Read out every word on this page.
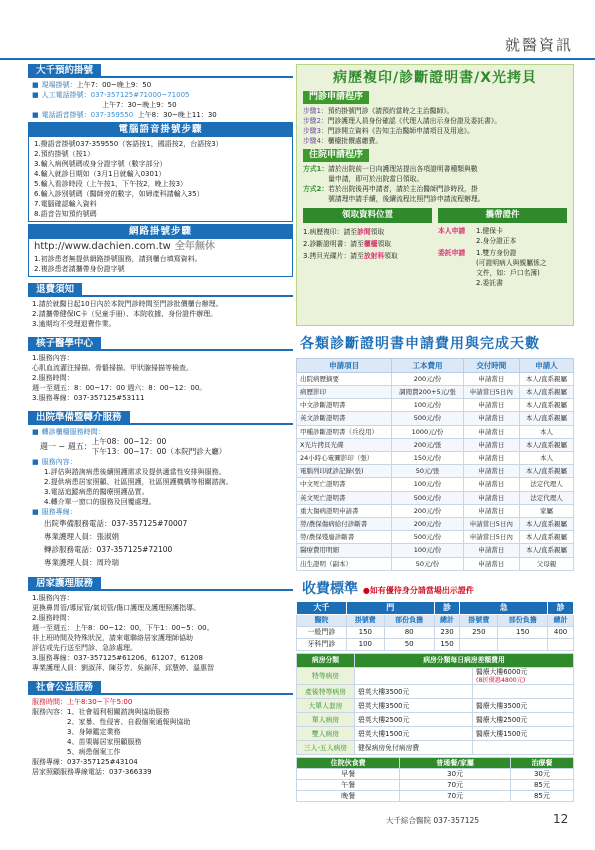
就醫資訊
大千預約掛號
■ 現場掛號：上午7：00~晚上9：50
■ 人工電話掛號：037-357125#71000~71005
上午7：30~晚上9：50
■ 電話語音掛號：037-359550 上午8：30~晚上11：30
電腦語音掛號步驟
1.撥語音掛號037-359550（客語按1，國語按2，台語按3）
2.預約掛號（按1）
3.輸入病例號碼或身分證字號（數字部分）
4.輸入就診日期如（3月1日就輸入0301）
5.輸入看診時段（上午按1，下午按2，晚上按3）
6.輸入診別號碼（醫師旁的數字，如婦產科請輸入35）
7.電腦確認輸入資料
8.語音告知預約號碼
網路掛號步驟
http://www.dachien.com.tw 全年無休
1.初診患者無提供網路掛號服務，請到櫃台填寫資料。
2.複診患者請攜帶身份證字號
退費須知
1.請於就醫日起10日內於本院門診時間至門診批價櫃台辦理。
2.請攜帶健保IC卡（兒童手冊）、本院收據、身份證件辦理。
3.逾期均不受理退費作業。
核子醫學中心
1.服務內容：
心肌血流灌注掃描、骨骼掃描、甲狀腺掃描等檢查。
2.服務時間：
週一至週五：8：00~17：00 週六：8：00~12：00。
3.服務專線：037-357125#53111
出院準備暨轉介服務
■ 轉診櫃檯服務時間：
週一 ~ 週五：
上午08：00~12：00
下午13：00~17：00（本院門診大廳）
■ 服務內容：
1.評估與諮詢病患後續照護需求及提供適當性安排與服務。
2.提供病患居家照顧、社區照護，社區照護機構等相關諮詢。
3.電話追蹤病患的醫療照護品質。
4.轉介單一窗口的服務及回覆處理。
■ 服務專線：
出院準備服務電話：037-357125#70007
專業護理人員：張淑娟
轉診服務電話：037-357125#72100
專業護理人員：周玲瑞
居家護理服務
1.服務內容：
更換鼻胃管/導尿管/氣切管/傷口護理及護理照護指導。
2.服務時間：
週一至週五：上午8：00~12：00，下午1：00~5：00。
非上班時間及特殊狀況，請來電聯絡居家護理師協助
評估或先行送至門診、急診處理。
3.服務專線：037-357125#61206、61207、61208
專業護理人員：劉淑萍、陳芬芳、吳錦萍、邱慧婷、溫惠智
社會公益服務
服務時間：上午8:30~下午5:00
服務內容： 1、社會福利相關諮詢與協助服務
2、家暴、性侵害、自殺個案通報與協助
3、身障鑑定業務
4、苗栗縣居家照顧服務
5、病患個案工作
服務專線：037-357125#43104
居家照顧服務專線電話：037-366339
病歷複印/診斷證明書/X光拷貝
門診申請程序
步驟1：預約掛號門診《請預約當時之主治醫師》。
步驟2：門診護理人員身份確認《代理人請出示身份證及委託書》。
步驟3：門診開立資料《告知主治醫師申請項目及用途》。
步驟4：櫃檯批價處繳費。
住院申請程序
方式1： 請於出院前一日向護理站提出各項證明書種類與數
量申請，即可於出院當日領取。
方式2： 若於出院後再申請者，請於主治醫師門診時段，掛
號請理申請手續，後續流程比照門診申請流程辦理。
領取資料位置
1.病歷複印：請至診間領取
2.診斷證明書：請至櫃檯領取
3.拷貝光碟片：請至放射科領取
攜帶證件
本人申請	1.健保卡
2.身分證正本
委託申請	1.雙方身份證
(可證明病人與親屬係之
文件，如：戶口名簿)
2.委託書
各類診斷證明書申請費用與完成天數
申請項目	工本費用	交付時間	申請人
出院病歷摘要	200元/份	申請當日	本人/直系親屬
病歷影印	調閱費200+5元/張	申請當日5日內	本人/直系親屬
中文診斷證明書	100元/份	申請當日	本人/直系親屬
英文診斷證明書	500元/份	申請當日	本人/直系親屬
甲種診斷證明書（兵役用）	1000元/份	申請當日	本人
X光片拷貝光碟	200元/張	申請當日	本人/直系親屬
24小時心電圖影印（張）	150元/份	申請當日	本人
電腦列印就診記錄(張)	50元/張	申請當日	本人/直系親屬
中文死亡證明書	100元/份	申請當日	法定代理人
英文死亡證明書	500元/份	申請當日	法定代理人
重大傷病證明申請書	200元/份	申請當日	家屬
勞/農保傷病給付診斷書	200元/份	申請當日5日內	本人/直系親屬
勞/農保殘廢診斷書	500元/份	申請當日5日內	本人/直系親屬
醫療費用明細	100元/份	申請當日	本人/直系親屬
出生證明（副本）	50元/份	申請當日	父母親
收費標準 ●如有優待身分請當場出示證件
大千	門		診	急		診
醫院	掛號費	部份負擔	總計	掛號費	部份負擔	總計
一般門診	150	80	230	250	150	400
牙科門診	100	50	150			
病房分類	病房分類每日病房差額費用	
特等病房		醫療大樓6000元
(8折優惠4800元)

產後特等病房	碧英大樓3500元	

大單人套房	碧英大樓3500元	醫療大樓3500元

單人病房	碧英大樓2500元	醫療大樓2500元

雙人病房	碧英大樓1500元	醫療大樓1500元

三人-五人病房	健保病房免付病房費	
住院伙食費	普通餐/家屬	治療餐
早餐	30元	30元
午餐	70元	85元
晚餐	70元	85元
大千綜合醫院 037-357125	12
